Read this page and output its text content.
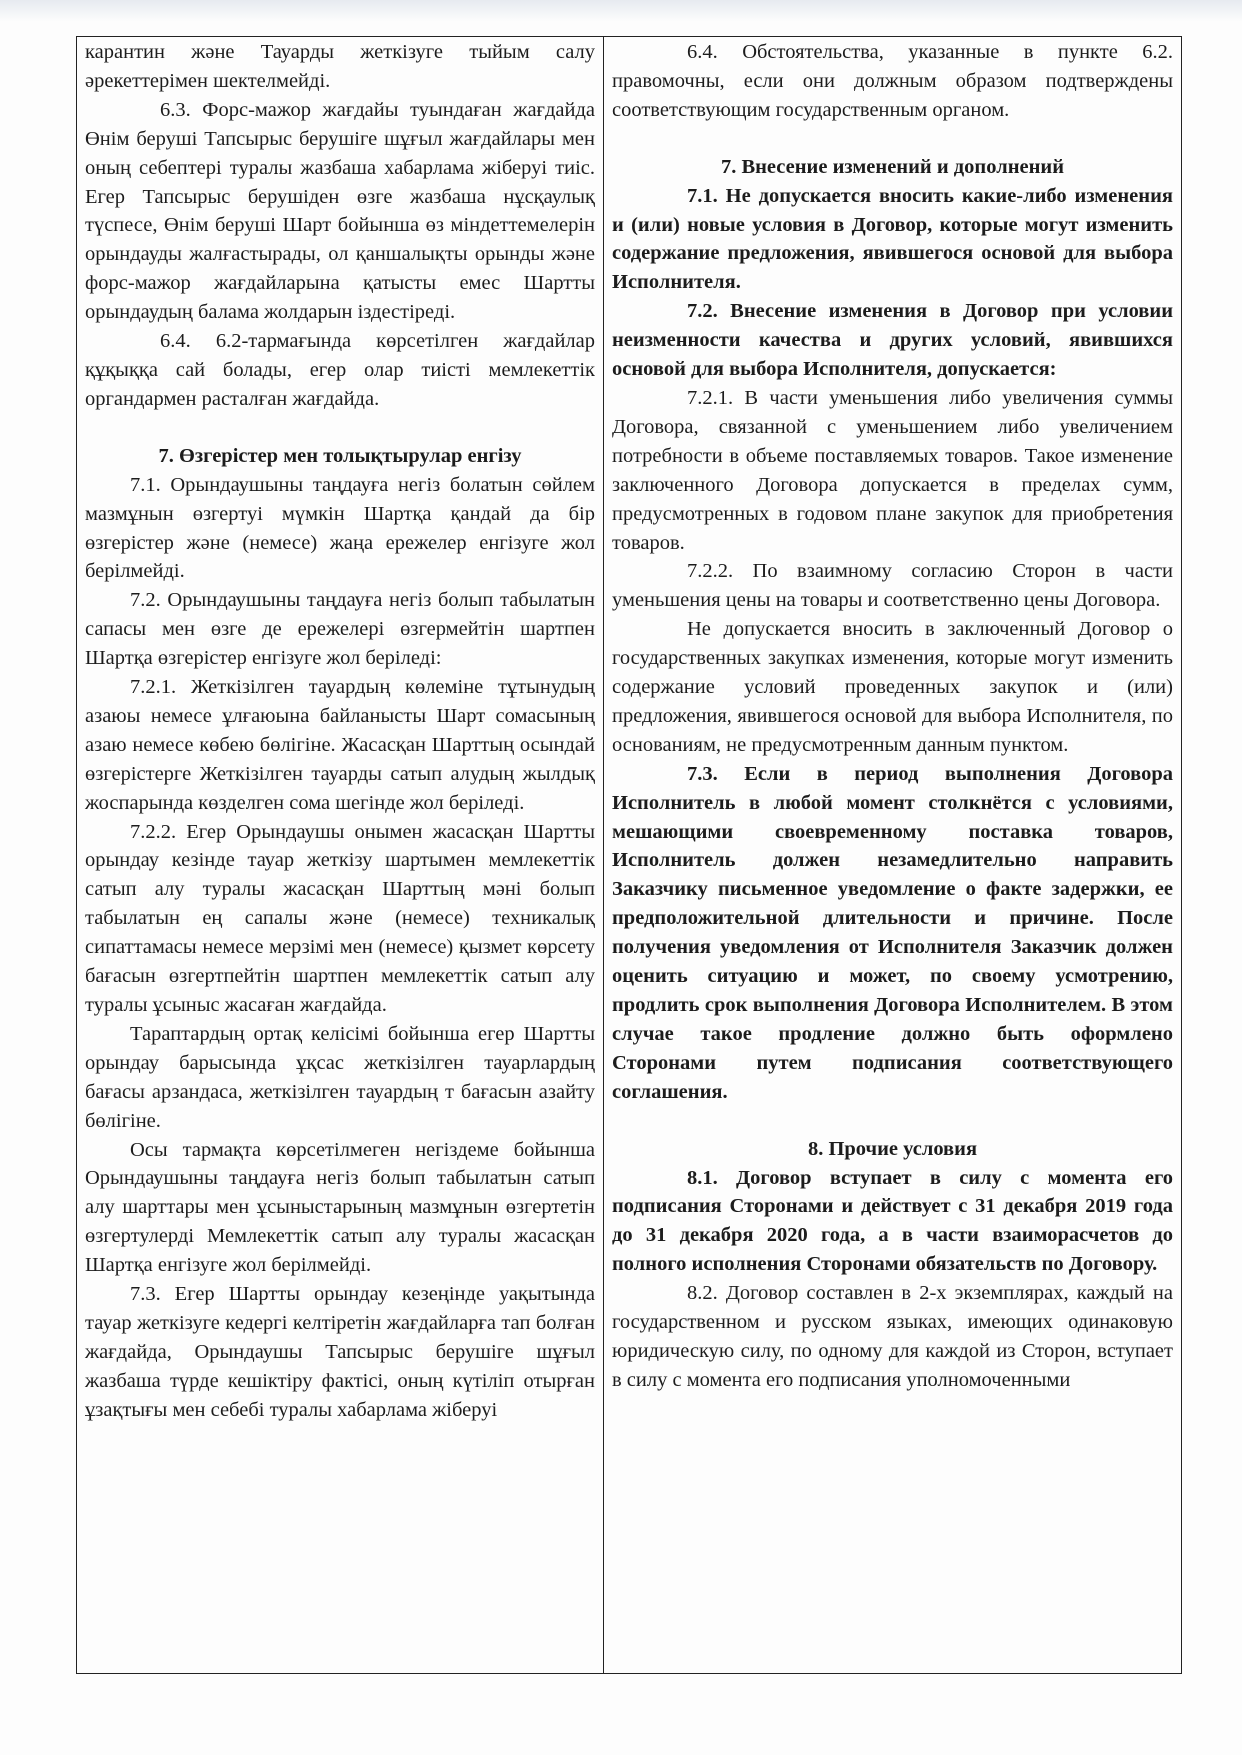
карантин және Тауарды жеткізуге тыйым салу әрекеттерімен шектелмейді.

6.3. Форс-мажор жағдайы туындаған жағдайда Өнім беруші Тапсырыс берушіге шұғыл жағдайлары мен оның себептері туралы жазбаша хабарлама жіберуі тиіс. Егер Тапсырыс берушіден өзге жазбаша нұсқаулық түспесе, Өнім беруші Шарт бойынша өз міндеттемелерін орындауды жалғастырады, ол қаншалықты орынды және форс-мажор жағдайларына қатысты емес Шартты орындаудың балама жолдарын іздестіреді.

6.4. 6.2-тармағында көрсетілген жағдайлар құқыққа сай болады, егер олар тиісті мемлекеттік органдармен расталған жағдайда.

7. Өзгерістер мен толықтырулар енгізу

7.1. Орындаушыны таңдауға негіз болатын сөйлем мазмұнын өзгертуі мүмкін Шартқа қандай да бір өзгерістер және (немесе) жаңа ережелер енгізуге жол берілмейді.

7.2. Орындаушыны таңдауға негіз болып табылатын сапасы мен өзге де ережелері өзгермейтін шартпен Шартқа өзгерістер енгізуге жол беріледі:

7.2.1. Жеткізілген тауардың көлеміне тұтынудың азаюы немесе ұлғаюына байланысты Шарт сомасының азаю немесе көбею бөлігіне. Жасасқан Шарттың осындай өзгерістерге Жеткізілген тауарды сатып алудың жылдық жоспарында көзделген сома шегінде жол беріледі.

7.2.2. Егер Орындаушы онымен жасасқан Шартты орындау кезінде тауар жеткізу шартымен мемлекеттік сатып алу туралы жасасқан Шарттың мәні болып табылатын ең сапалы және (немесе) техникалық сипаттамасы немесе мерзімі мен (немесе) қызмет көрсету бағасын өзгертпейтін шартпен мемлекеттік сатып алу туралы ұсыныс жасаған жағдайда.

Тараптардың ортақ келісімі бойынша егер Шартты орындау барысында ұқсас жеткізілген тауарлардың бағасы арзандаса, жеткізілген тауардың т бағасын азайту бөлігіне.

Осы тармақта көрсетілмеген негіздеме бойынша Орындаушыны таңдауға негіз болып табылатын сатып алу шарттары мен ұсыныстарының мазмұнын өзгертетін өзгертулерді Мемлекеттік сатып алу туралы жасасқан Шартқа енгізуге жол берілмейді.

7.3. Егер Шартты орындау кезеңінде уақытында тауар жеткізуге кедергі келтіретін жағдайларға тап болған жағдайда, Орындаушы Тапсырыс берушіге шұғыл жазбаша түрде кешіктіру фактісі, оның күтіліп отырған ұзақтығы мен себебі туралы хабарлама жіберуі

6.4. Обстоятельства, указанные в пункте 6.2. правомочны, если они должным образом подтверждены соответствующим государственным органом.

7. Внесение изменений и дополнений

7.1. Не допускается вносить какие-либо изменения и (или) новые условия в Договор, которые могут изменить содержание предложения, явившегося основой для выбора Исполнителя.

7.2. Внесение изменения в Договор при условии неизменности качества и других условий, явившихся основой для выбора Исполнителя, допускается:

7.2.1. В части уменьшения либо увеличения суммы Договора, связанной с уменьшением либо увеличением потребности в объеме поставляемых товаров. Такое изменение заключенного Договора допускается в пределах сумм, предусмотренных в годовом плане закупок для приобретения товаров.

7.2.2. По взаимному согласию Сторон в части уменьшения цены на товары и соответственно цены Договора.

Не допускается вносить в заключенный Договор о государственных закупках изменения, которые могут изменить содержание условий проведенных закупок и (или) предложения, явившегося основой для выбора Исполнителя, по основаниям, не предусмотренным данным пунктом.

7.3. Если в период выполнения Договора Исполнитель в любой момент столкнётся с условиями, мешающими своевременному поставка товаров, Исполнитель должен незамедлительно направить Заказчику письменное уведомление о факте задержки, ее предположительной длительности и причине. После получения уведомления от Исполнителя Заказчик должен оценить ситуацию и может, по своему усмотрению, продлить срок выполнения Договора Исполнителем. В этом случае такое продление должно быть оформлено Сторонами путем подписания соответствующего соглашения.

8. Прочие условия

8.1. Договор вступает в силу с момента его подписания Сторонами и действует с 31 декабря 2019 года до 31 декабря 2020 года, а в части взаиморасчетов до полного исполнения Сторонами обязательств по Договору.

8.2. Договор составлен в 2-х экземплярах, каждый на государственном и русском языках, имеющих одинаковую юридическую силу, по одному для каждой из Сторон, вступает в силу с момента его подписания уполномоченными
